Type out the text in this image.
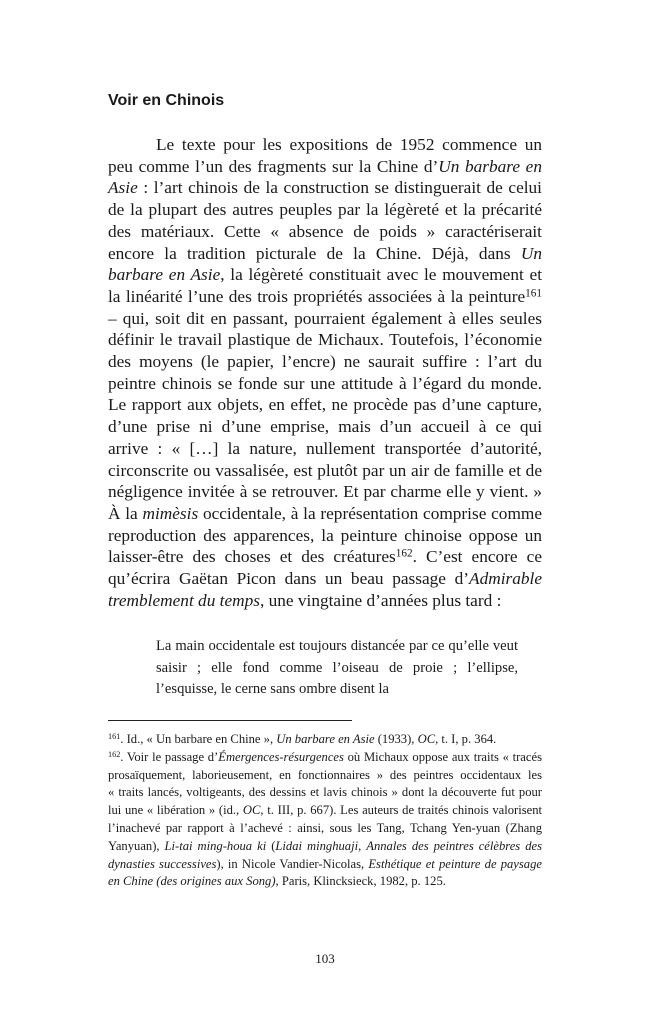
Voir en Chinois

Le texte pour les expositions de 1952 commence un peu comme l’un des fragments sur la Chine d’Un barbare en Asie : l’art chinois de la construction se distinguerait de celui de la plupart des autres peuples par la légèreté et la précarité des matériaux. Cette « absence de poids » caractériserait encore la tradition picturale de la Chine. Déjà, dans Un barbare en Asie, la légèreté constituait avec le mouvement et la linéarité l’une des trois propriétés associées à la peinture$^{161}$ – qui, soit dit en passant, pourraient également à elles seules définir le travail plastique de Michaux. Toutefois, l’économie des moyens (le papier, l’encre) ne saurait suffire : l’art du peintre chinois se fonde sur une attitude à l’égard du monde. Le rapport aux objets, en effet, ne procède pas d’une capture, d’une prise ni d’une emprise, mais d’un accueil à ce qui arrive : « […] la nature, nullement transportée d’autorité, circonscrite ou vassalisée, est plutôt par un air de famille et de négligence invitée à se retrouver. Et par charme elle y vient. » À la mimèsis occidentale, à la représentation comprise comme reproduction des apparences, la peinture chinoise oppose un laisser-être des choses et des créatures$^{162}$. C’est encore ce qu’écrira Gaëtan Picon dans un beau passage d’Admirable tremblement du temps, une vingtaine d’années plus tard :

La main occidentale est toujours distancée par ce qu’elle veut saisir ; elle fond comme l’oiseau de proie ; l’ellipse, l’esquisse, le cerne sans ombre disent la

$^{161}$. Id., « Un barbare en Chine », Un barbare en Asie (1933), OC, t. I, p. 364.

$^{162}$. Voir le passage d’Émergences-résurgences où Michaux oppose aux traits « tracés prosaïquement, laborieusement, en fonctionnaires » des peintres occidentaux les « traits lancés, voltigeants, des dessins et lavis chinois » dont la découverte fut pour lui une « libération » (id., OC, t. III, p. 667). Les auteurs de traités chinois valorisent l’inachevé par rapport à l’achevé : ainsi, sous les Tang, Tchang Yen-yuan (Zhang Yanyuan), Li-tai ming-houa ki (Lidai minghuaji, Annales des peintres célèbres des dynasties successives), in Nicole Vandier-Nicolas, Esthétique et peinture de paysage en Chine (des origines aux Song), Paris, Klincksieck, 1982, p. 125.

103
